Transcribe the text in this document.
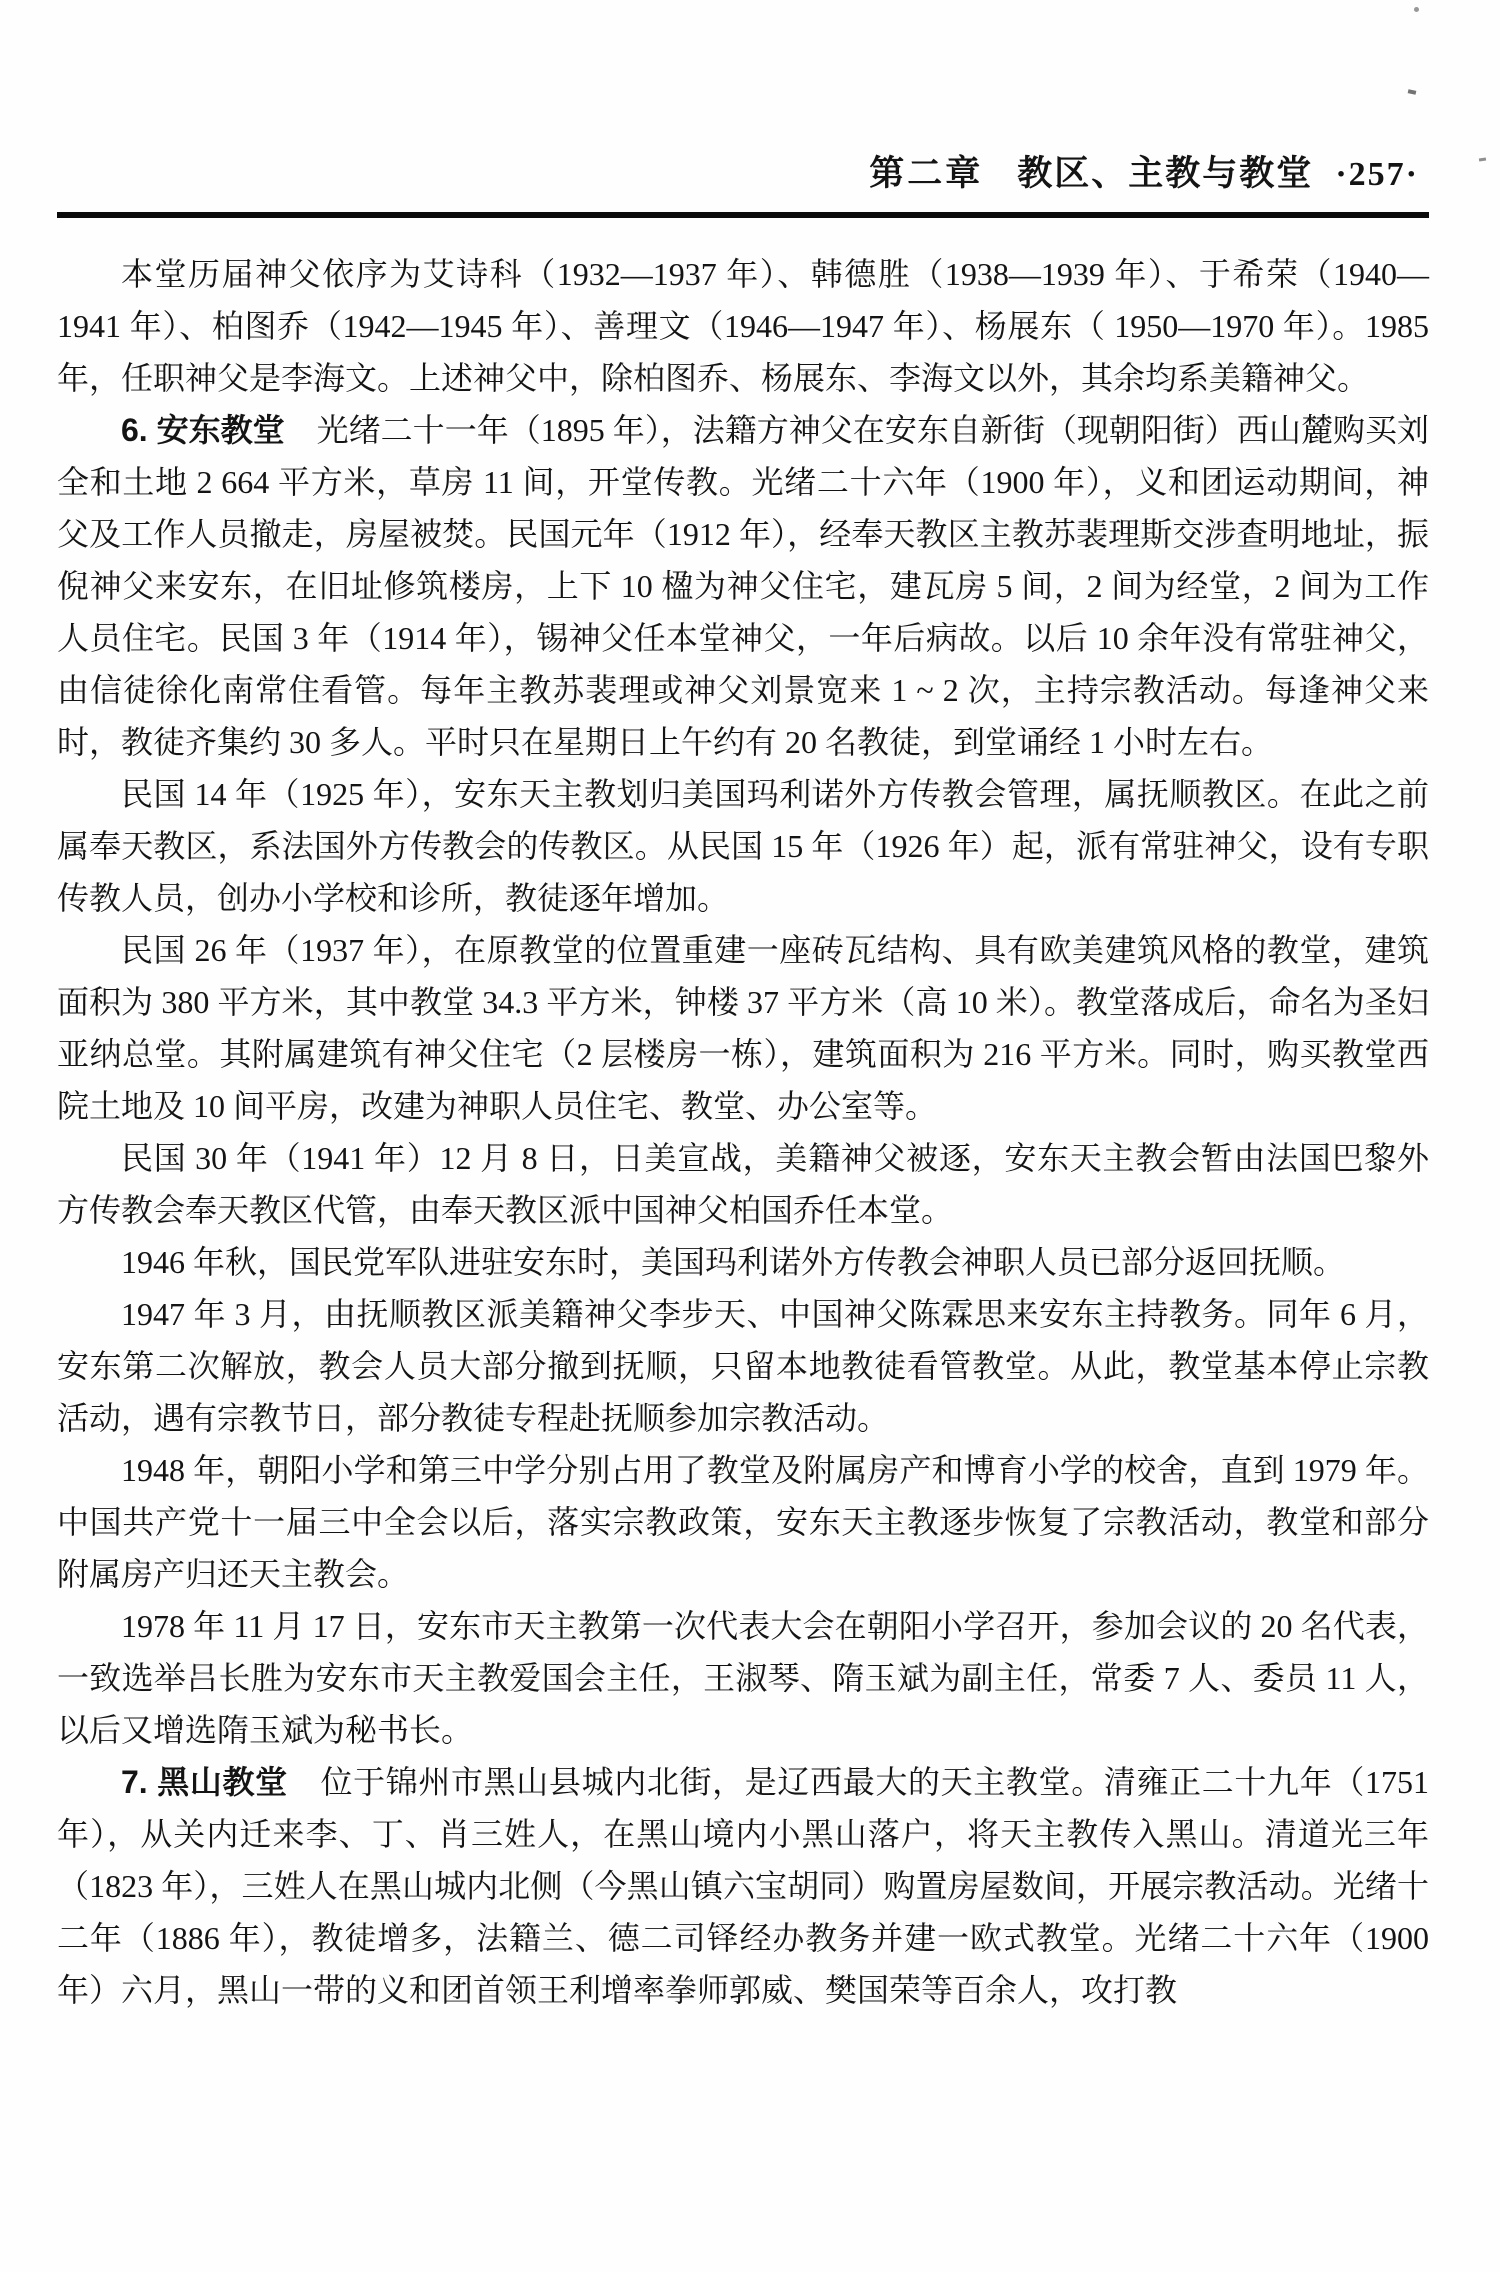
第二章 教区、主教与教堂 ·257·

本堂历届神父依序为艾诗科（1932—1937 年）、韩德胜（1938—1939 年）、于希荣（1940—1941 年）、柏图乔（1942—1945 年）、善理文（1946—1947 年）、杨展东（ 1950—1970 年）。1985 年，任职神父是李海文。上述神父中，除柏图乔、杨展东、李海文以外，其余均系美籍神父。

6. 安东教堂　光绪二十一年（1895 年），法籍方神父在安东自新街（现朝阳街）西山麓购买刘全和土地 2 664 平方米，草房 11 间，开堂传教。光绪二十六年（1900 年），义和团运动期间，神父及工作人员撤走，房屋被焚。民国元年（1912 年），经奉天教区主教苏裴理斯交涉查明地址，振倪神父来安东，在旧址修筑楼房，上下 10 楹为神父住宅，建瓦房 5 间，2 间为经堂，2 间为工作人员住宅。民国 3 年（1914 年），锡神父任本堂神父，一年后病故。以后 10 余年没有常驻神父，由信徒徐化南常住看管。每年主教苏裴理或神父刘景宽来 1 ~ 2 次，主持宗教活动。每逢神父来时，教徒齐集约 30 多人。平时只在星期日上午约有 20 名教徒，到堂诵经 1 小时左右。

民国 14 年（1925 年），安东天主教划归美国玛利诺外方传教会管理，属抚顺教区。在此之前属奉天教区，系法国外方传教会的传教区。从民国 15 年（1926 年）起，派有常驻神父，设有专职传教人员，创办小学校和诊所，教徒逐年增加。

民国 26 年（1937 年），在原教堂的位置重建一座砖瓦结构、具有欧美建筑风格的教堂，建筑面积为 380 平方米，其中教堂 34.3 平方米，钟楼 37 平方米（高 10 米）。教堂落成后，命名为圣妇亚纳总堂。其附属建筑有神父住宅（2 层楼房一栋），建筑面积为 216 平方米。同时，购买教堂西院土地及 10 间平房，改建为神职人员住宅、教堂、办公室等。

民国 30 年（1941 年）12 月 8 日，日美宣战，美籍神父被逐，安东天主教会暂由法国巴黎外方传教会奉天教区代管，由奉天教区派中国神父柏国乔任本堂。

1946 年秋，国民党军队进驻安东时，美国玛利诺外方传教会神职人员已部分返回抚顺。

1947 年 3 月，由抚顺教区派美籍神父李步天、中国神父陈霖思来安东主持教务。同年 6 月，安东第二次解放，教会人员大部分撤到抚顺，只留本地教徒看管教堂。从此，教堂基本停止宗教活动，遇有宗教节日，部分教徒专程赴抚顺参加宗教活动。

1948 年，朝阳小学和第三中学分别占用了教堂及附属房产和博育小学的校舍，直到 1979 年。中国共产党十一届三中全会以后，落实宗教政策，安东天主教逐步恢复了宗教活动，教堂和部分附属房产归还天主教会。

1978 年 11 月 17 日，安东市天主教第一次代表大会在朝阳小学召开，参加会议的 20 名代表，一致选举吕长胜为安东市天主教爱国会主任，王淑琴、隋玉斌为副主任，常委 7 人、委员 11 人，以后又增选隋玉斌为秘书长。

7. 黑山教堂　位于锦州市黑山县城内北街，是辽西最大的天主教堂。清雍正二十九年（1751 年），从关内迁来李、丁、肖三姓人，在黑山境内小黑山落户，将天主教传入黑山。清道光三年（1823 年），三姓人在黑山城内北侧（今黑山镇六宝胡同）购置房屋数间，开展宗教活动。光绪十二年（1886 年），教徒增多，法籍兰、德二司铎经办教务并建一欧式教堂。光绪二十六年（1900 年）六月，黑山一带的义和团首领王利增率拳师郭威、樊国荣等百余人，攻打教
